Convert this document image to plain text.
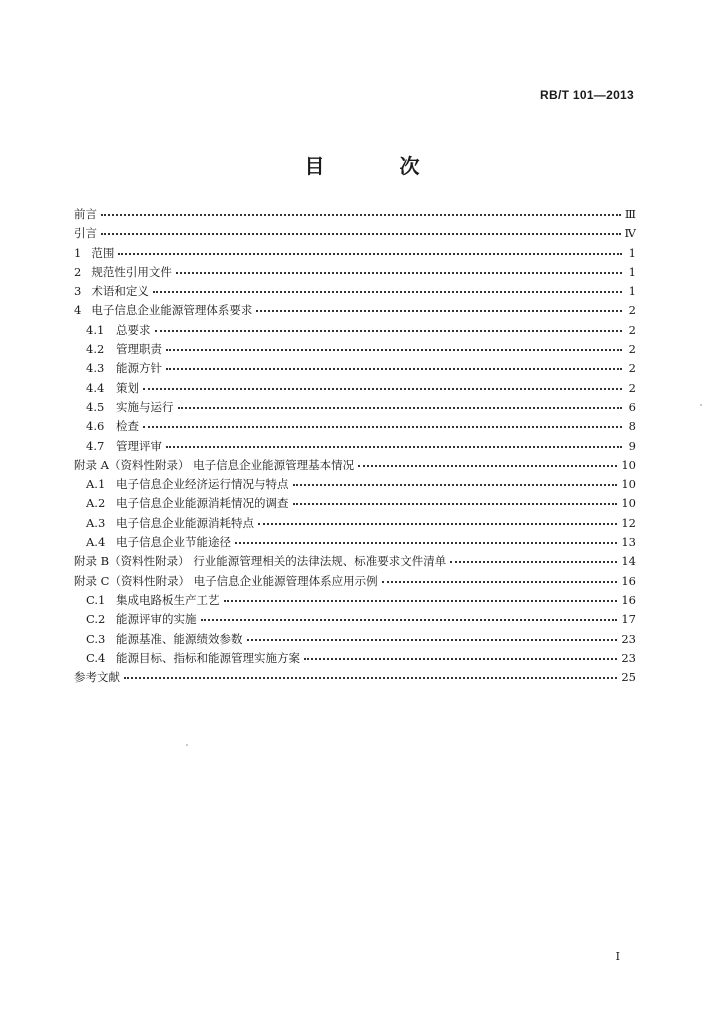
RB/T 101—2013
目 次
前言	Ⅲ
引言	Ⅳ
1 范围	1
2 规范性引用文件	1
3 术语和定义	1
4 电子信息企业能源管理体系要求	2
4.1	总要求	2
4.2	管理职责	2
4.3	能源方针	2
4.4	策划	2
4.5	实施与运行	6
4.6	检查	8
4.7	管理评审	9
附录 A（资料性附录） 电子信息企业能源管理基本情况	10
A.1 电子信息企业经济运行情况与特点	10
A.2 电子信息企业能源消耗情况的调查	10
A.3 电子信息企业能源消耗特点	12
A.4 电子信息企业节能途径	13
附录 B（资料性附录） 行业能源管理相关的法律法规、标准要求文件清单	14
附录 C（资料性附录） 电子信息企业能源管理体系应用示例	16
C.1 集成电路板生产工艺	16
C.2 能源评审的实施	17
C.3 能源基准、能源绩效参数	23
C.4 能源目标、指标和能源管理实施方案	23
参考文献	25
I
